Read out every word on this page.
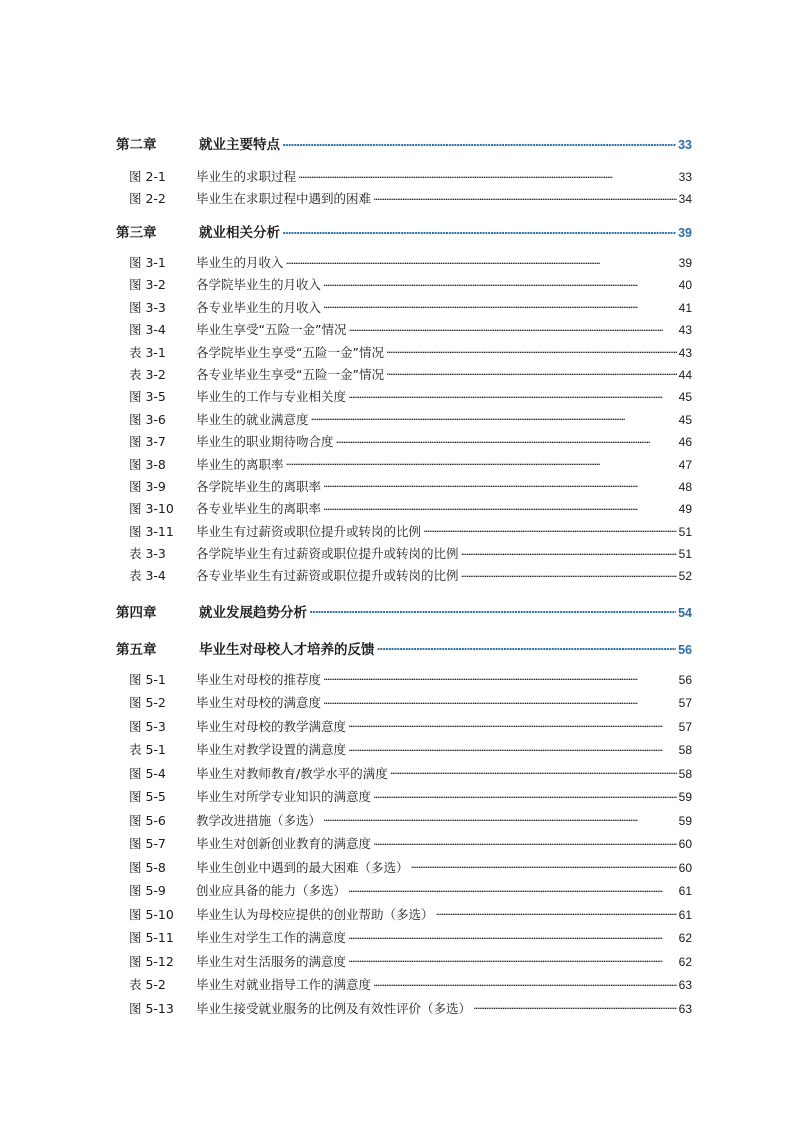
第二章	就业主要特点 . . .	33
图 2-1	毕业生的求职过程 . . .	33
图 2-2	毕业生在求职过程中遇到的困难 . . .	34
第三章	就业相关分析 . . .	39
图 3-1	毕业生的月收入 . . .	39
图 3-2	各学院毕业生的月收入 . . .	40
图 3-3	各专业毕业生的月收入 . . .	41
图 3-4	毕业生享受“五险一金”情况 . . .	43
表 3-1	各学院毕业生享受“五险一金”情况 . . .	43
表 3-2	各专业毕业生享受“五险一金”情况 . . .	44
图 3-5	毕业生的工作与专业相关度 . . .	45
图 3-6	毕业生的就业满意度 . . .	45
图 3-7	毕业生的职业期待吻合度 . . .	46
图 3-8	毕业生的离职率 . . .	47
图 3-9	各学院毕业生的离职率 . . .	48
图 3-10	各专业毕业生的离职率 . . .	49
图 3-11	毕业生有过薪资或职位提升或转岗的比例 . . .	51
表 3-3	各学院毕业生有过薪资或职位提升或转岗的比例 . . .	51
表 3-4	各专业毕业生有过薪资或职位提升或转岗的比例 . . .	52
第四章	就业发展趋势分析 . . .	54
第五章	毕业生对母校人才培养的反馈 . . .	56
图 5-1	毕业生对母校的推荐度 . . .	56
图 5-2	毕业生对母校的满意度 . . .	57
图 5-3	毕业生对母校的教学满意度 . . .	57
表 5-1	毕业生对教学设置的满意度 . . .	58
图 5-4	毕业生对教师教育/教学水平的满度 . . .	58
图 5-5	毕业生对所学专业知识的满意度 . . .	59
图 5-6	教学改进措施（多选） . . .	59
图 5-7	毕业生对创新创业教育的满意度 . . .	60
图 5-8	毕业生创业中遇到的最大困难（多选） . . .	60
图 5-9	创业应具备的能力（多选） . . .	61
图 5-10	毕业生认为母校应提供的创业帮助（多选） . . .	61
图 5-11	毕业生对学生工作的满意度 . . .	62
图 5-12	毕业生对生活服务的满意度 . . .	62
表 5-2	毕业生对就业指导工作的满意度 . . .	63
图 5-13	毕业生接受就业服务的比例及有效性评价（多选） . . .	63
